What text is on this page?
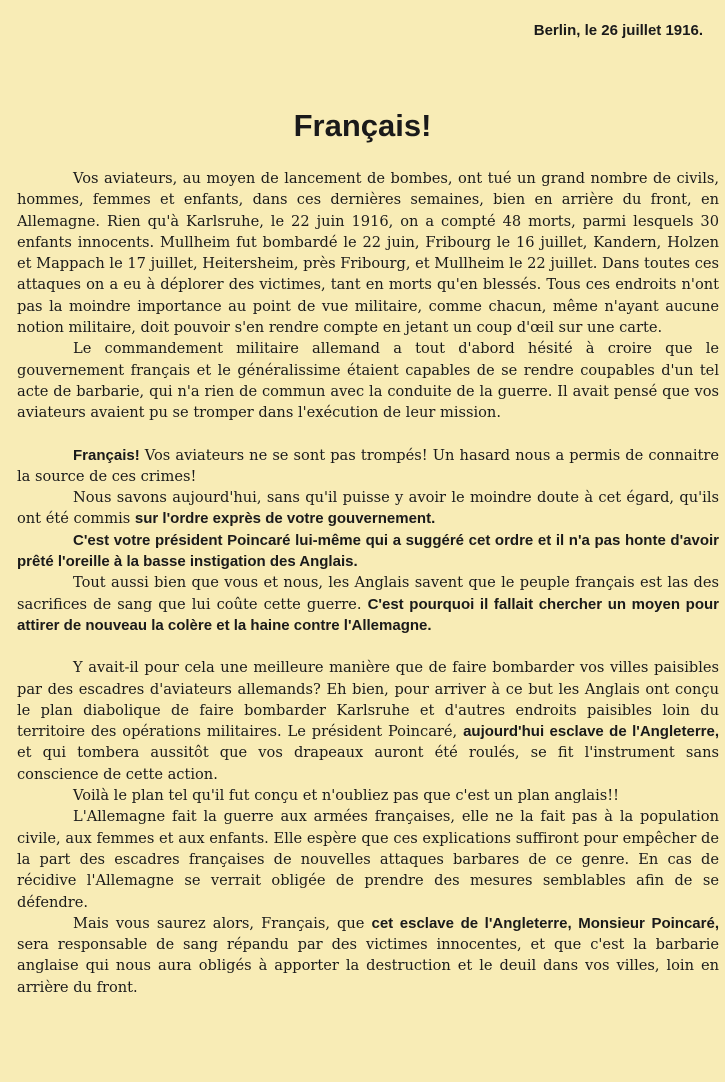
Berlin, le 26 juillet 1916.
Français!

Vos aviateurs, au moyen de lancement de bombes, ont tué un grand nombre de civils, hommes, femmes et enfants, dans ces dernières semaines, bien en arrière du front, en Allemagne. Rien qu'à Karlsruhe, le 22 juin 1916, on a compté 48 morts, parmi lesquels 30 enfants innocents. Mullheim fut bombardé le 22 juin, Fribourg le 16 juillet, Kandern, Holzen et Mappach le 17 juillet, Heitersheim, près Fribourg, et Mullheim le 22 juillet. Dans toutes ces attaques on a eu à déplorer des victimes, tant en morts qu'en blessés. Tous ces endroits n'ont pas la moindre importance au point de vue militaire, comme chacun, même n'ayant aucune notion militaire, doit pouvoir s'en rendre compte en jetant un coup d'œil sur une carte.

Le commandement militaire allemand a tout d'abord hésité à croire que le gouvernement français et le généralissime étaient capables de se rendre coupables d'un tel acte de barbarie, qui n'a rien de commun avec la conduite de la guerre. Il avait pensé que vos aviateurs avaient pu se tromper dans l'exécution de leur mission.

Français! Vos aviateurs ne se sont pas trompés! Un hasard nous a permis de connaitre la source de ces crimes!

Nous savons aujourd'hui, sans qu'il puisse y avoir le moindre doute à cet égard, qu'ils ont été commis sur l'ordre exprès de votre gouvernement.

C'est votre président Poincaré lui-même qui a suggéré cet ordre et il n'a pas honte d'avoir prêté l'oreille à la basse instigation des Anglais.

Tout aussi bien que vous et nous, les Anglais savent que le peuple français est las des sacrifices de sang que lui coûte cette guerre. C'est pourquoi il fallait chercher un moyen pour attirer de nouveau la colère et la haine contre l'Allemagne.

Y avait-il pour cela une meilleure manière que de faire bombarder vos villes paisibles par des escadres d'aviateurs allemands? Eh bien, pour arriver à ce but les Anglais ont conçu le plan diabolique de faire bombarder Karlsruhe et d'autres endroits paisibles loin du territoire des opérations militaires. Le président Poincaré, aujourd'hui esclave de l'Angleterre, et qui tombera aussitôt que vos drapeaux auront été roulés, se fit l'instrument sans conscience de cette action.

Voilà le plan tel qu'il fut conçu et n'oubliez pas que c'est un plan anglais!!

L'Allemagne fait la guerre aux armées françaises, elle ne la fait pas à la population civile, aux femmes et aux enfants. Elle espère que ces explications suffiront pour empêcher de la part des escadres françaises de nouvelles attaques barbares de ce genre. En cas de récidive l'Allemagne se verrait obligée de prendre des mesures semblables afin de se défendre.

Mais vous saurez alors, Français, que cet esclave de l'Angleterre, Monsieur Poincaré, sera responsable de sang répandu par des victimes innocentes, et que c'est la barbarie anglaise qui nous aura obligés à apporter la destruction et le deuil dans vos villes, loin en arrière du front.
